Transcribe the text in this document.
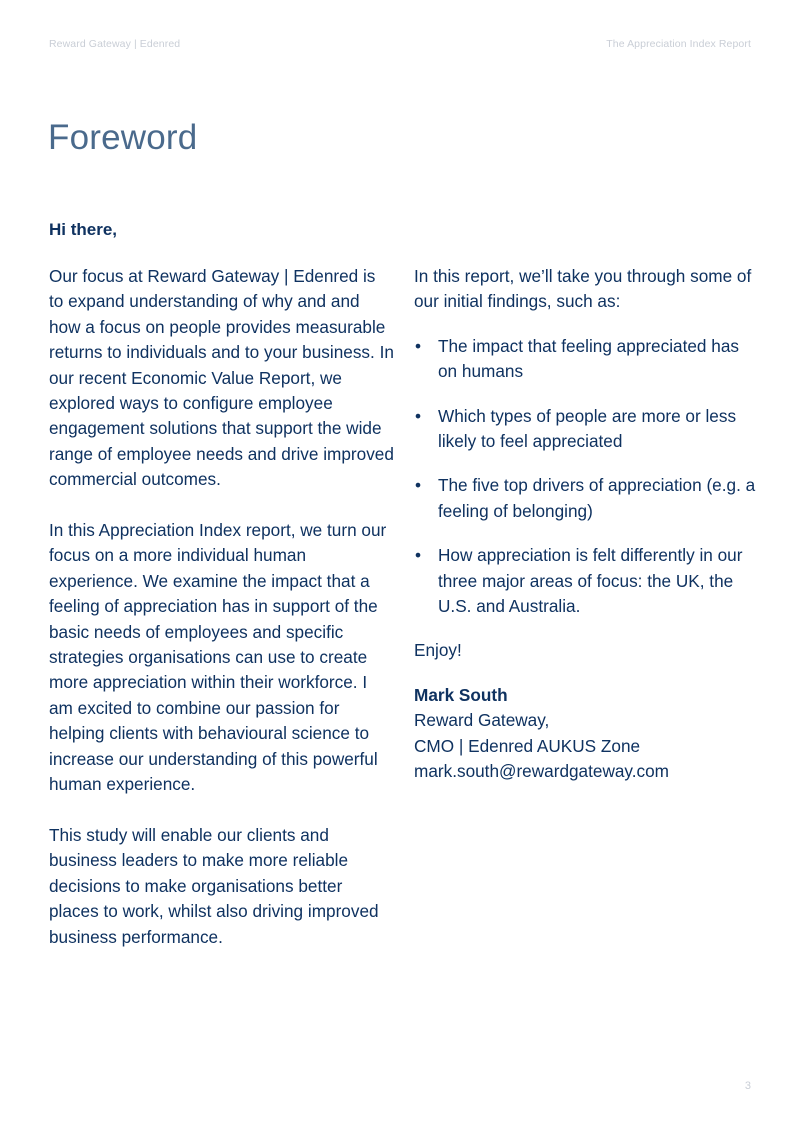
Reward Gateway | Edenred	The Appreciation Index Report
Foreword
Hi there,

Our focus at Reward Gateway | Edenred is to expand understanding of why and and how a focus on people provides measurable returns to individuals and to your business. In our recent Economic Value Report, we explored ways to configure employee engagement solutions that support the wide range of employee needs and drive improved commercial outcomes.

In this Appreciation Index report, we turn our focus on a more individual human experience. We examine the impact that a feeling of appreciation has in support of the basic needs of employees and specific strategies organisations can use to create more appreciation within their workforce. I am excited to combine our passion for helping clients with behavioural science to increase our understanding of this powerful human experience.

This study will enable our clients and business leaders to make more reliable decisions to make organisations better places to work, whilst also driving improved business performance.

In this report, we’ll take you through some of our initial findings, such as:

• The impact that feeling appreciated has on humans
• Which types of people are more or less likely to feel appreciated
• The five top drivers of appreciation (e.g. a feeling of belonging)
• How appreciation is felt differently in our three major areas of focus: the UK, the U.S. and Australia.

Enjoy!

Mark South
Reward Gateway,
CMO | Edenred AUKUS Zone
mark.south@rewardgateway.com
3
